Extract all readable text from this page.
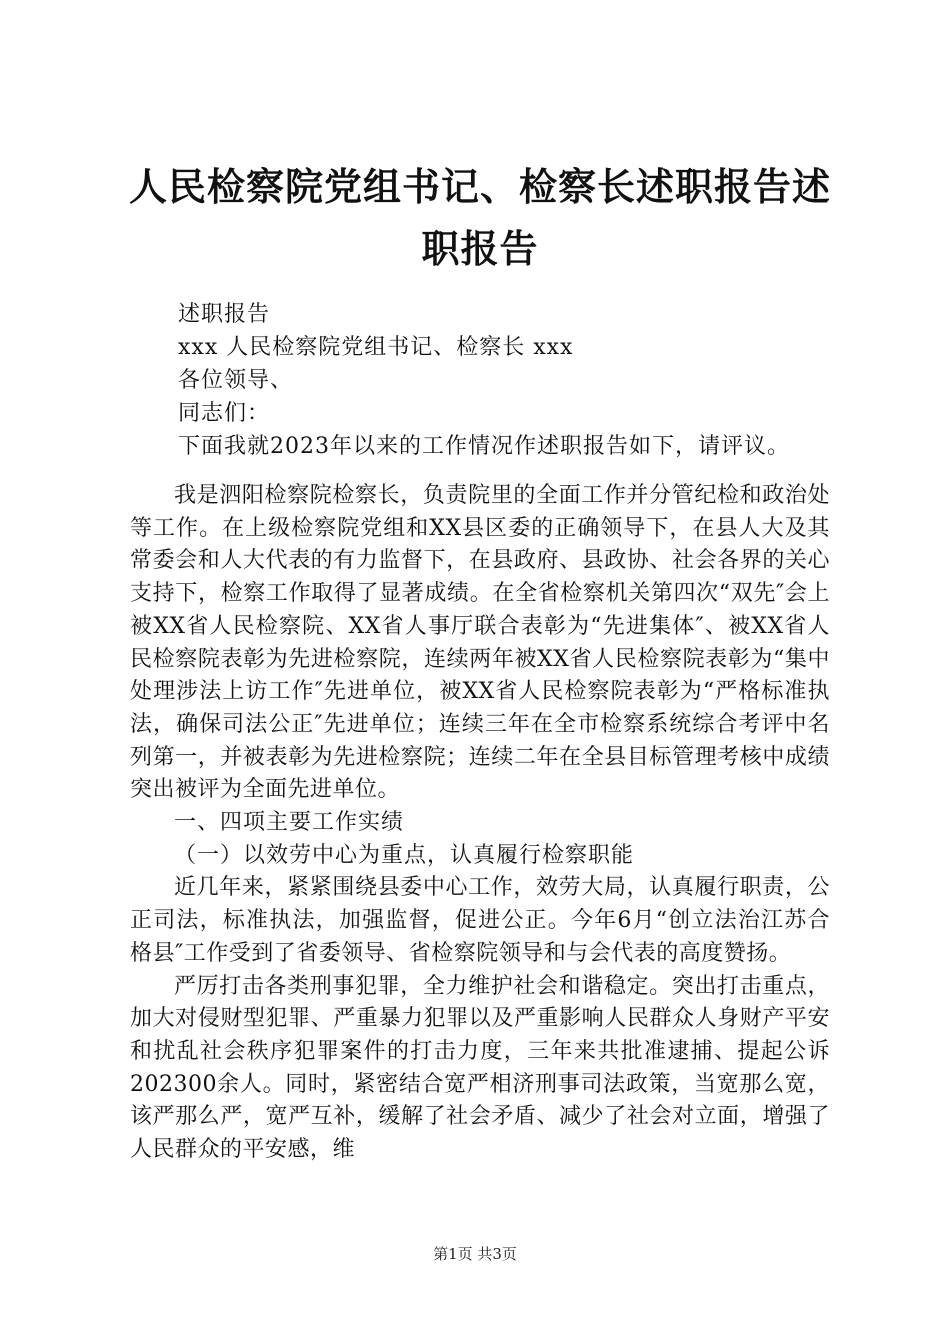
人民检察院党组书记、检察长述职报告述职报告
述职报告
xxx 人民检察院党组书记、检察长 xxx
各位领导、
同志们：
下面我就2023年以来的工作情况作述职报告如下，请评议。

我是泗阳检察院检察长，负责院里的全面工作并分管纪检和政治处等工作。在上级检察院党组和XX县区委的正确领导下，在县人大及其常委会和人大代表的有力监督下，在县政府、县政协、社会各界的关心支持下，检察工作取得了显著成绩。在全省检察机关第四次“双先″会上被XX省人民检察院、XX省人事厅联合表彰为“先进集体″、被XX省人民检察院表彰为先进检察院，连续两年被XX省人民检察院表彰为“集中处理涉法上访工作″先进单位，被XX省人民检察院表彰为“严格标准执法，确保司法公正″先进单位；连续三年在全市检察系统综合考评中名列第一，并被表彰为先进检察院；连续二年在全县目标管理考核中成绩突出被评为全面先进单位。

一、四项主要工作实绩

（一）以效劳中心为重点，认真履行检察职能

近几年来，紧紧围绕县委中心工作，效劳大局，认真履行职责，公正司法，标准执法，加强监督，促进公正。今年6月“创立法治江苏合格县″工作受到了省委领导、省检察院领导和与会代表的高度赞扬。

严厉打击各类刑事犯罪，全力维护社会和谐稳定。突出打击重点，加大对侵财型犯罪、严重暴力犯罪以及严重影响人民群众人身财产平安和扰乱社会秩序犯罪案件的打击力度，三年来共批准逮捕、提起公诉202300余人。同时，紧密结合宽严相济刑事司法政策，当宽那么宽，该严那么严，宽严互补，缓解了社会矛盾、减少了社会对立面，增强了人民群众的平安感，维

第1页 共3页
